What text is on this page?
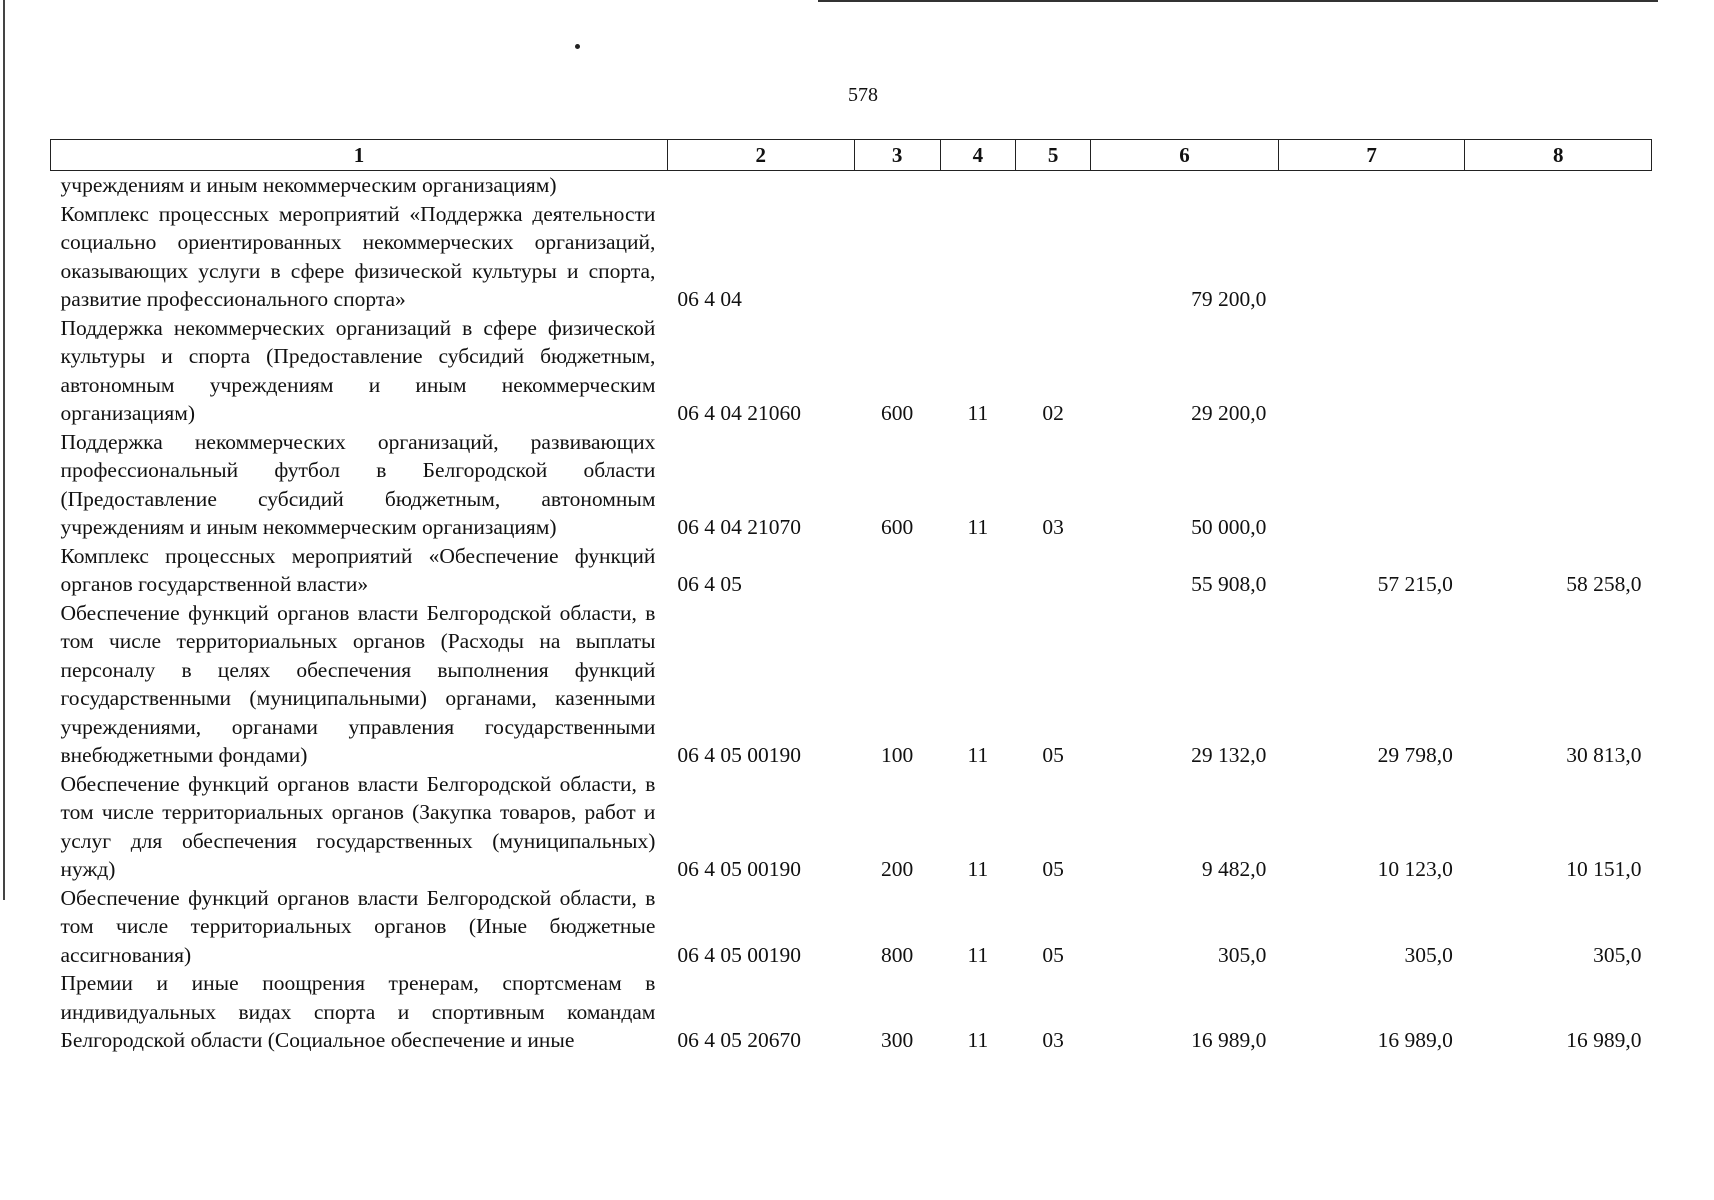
578
1	2	3	4	5	6	7	8
учреждениям и иным некоммерческим организациям)							
Комплекс процессных мероприятий «Поддержка деятельности социально ориентированных некоммерческих организаций, оказывающих услуги в сфере физической культуры и спорта, развитие профессионального спорта»	06 4 04				79 200,0		
Поддержка некоммерческих организаций в сфере физической культуры и спорта (Предоставление субсидий бюджетным, автономным учреждениям и иным некоммерческим организациям)	06 4 04 21060	600	11	02	29 200,0		
Поддержка некоммерческих организаций, развивающих профессиональный футбол в Белгородской области (Предоставление субсидий бюджетным, автономным учреждениям и иным некоммерческим организациям)	06 4 04 21070	600	11	03	50 000,0		
Комплекс процессных мероприятий «Обеспечение функций органов государственной власти»	06 4 05				55 908,0	57 215,0	58 258,0
Обеспечение функций органов власти Белгородской области, в том числе территориальных органов (Расходы на выплаты персоналу в целях обеспечения выполнения функций государственными (муниципальными) органами, казенными учреждениями, органами управления государственными внебюджетными фондами)	06 4 05 00190	100	11	05	29 132,0	29 798,0	30 813,0
Обеспечение функций органов власти Белгородской области, в том числе территориальных органов (Закупка товаров, работ и услуг для обеспечения государственных (муниципальных) нужд)	06 4 05 00190	200	11	05	9 482,0	10 123,0	10 151,0
Обеспечение функций органов власти Белгородской области, в том числе территориальных органов (Иные бюджетные ассигнования)	06 4 05 00190	800	11	05	305,0	305,0	305,0
Премии и иные поощрения тренерам, спортсменам в индивидуальных видах спорта и спортивным командам Белгородской области (Социальное обеспечение и иные	06 4 05 20670	300	11	03	16 989,0	16 989,0	16 989,0
